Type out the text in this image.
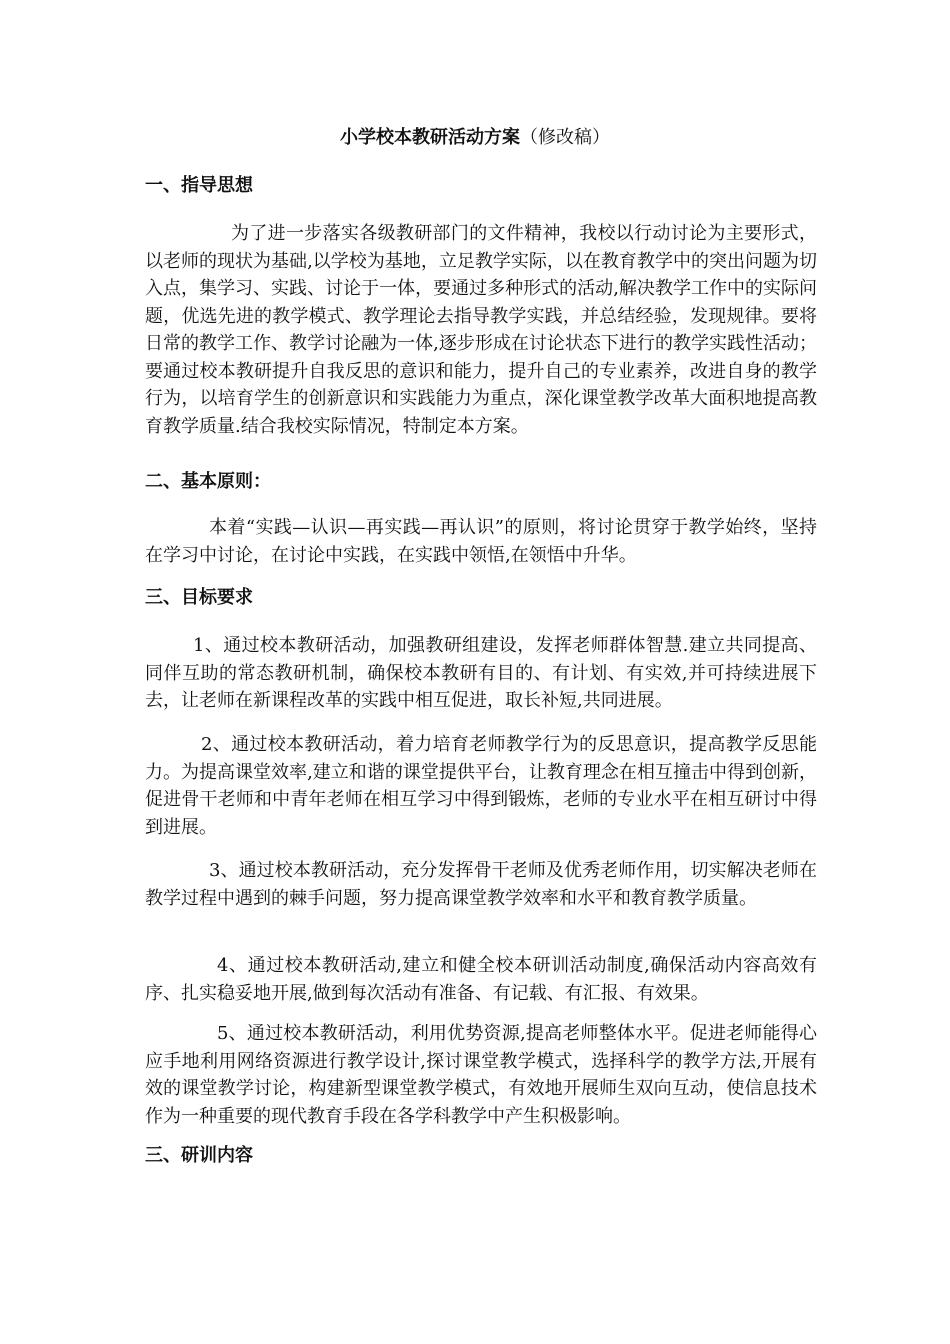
小学校本教研活动方案（修改稿）
一、指导思想
为了进一步落实各级教研部门的文件精神，我校以行动讨论为主要形式，以老师的现状为基础,以学校为基地，立足教学实际，以在教育教学中的突出问题为切入点，集学习、实践、讨论于一体，要通过多种形式的活动,解决教学工作中的实际问题，优选先进的教学模式、教学理论去指导教学实践，并总结经验，发现规律。要将日常的教学工作、教学讨论融为一体,逐步形成在讨论状态下进行的教学实践性活动；要通过校本教研提升自我反思的意识和能力，提升自己的专业素养，改进自身的教学行为，以培育学生的创新意识和实践能力为重点，深化课堂教学改革大面积地提高教育教学质量.结合我校实际情况，特制定本方案。
二、基本原则：
本着“实践—认识—再实践—再认识”的原则，将讨论贯穿于教学始终，坚持在学习中讨论，在讨论中实践，在实践中领悟,在领悟中升华。
三、目标要求
1、通过校本教研活动，加强教研组建设，发挥老师群体智慧.建立共同提高、同伴互助的常态教研机制，确保校本教研有目的、有计划、有实效,并可持续进展下去，让老师在新课程改革的实践中相互促进，取长补短,共同进展。
2、通过校本教研活动，着力培育老师教学行为的反思意识，提高教学反思能力。为提高课堂效率,建立和谐的课堂提供平台，让教育理念在相互撞击中得到创新，促进骨干老师和中青年老师在相互学习中得到锻炼，老师的专业水平在相互研讨中得到进展。
3、通过校本教研活动，充分发挥骨干老师及优秀老师作用，切实解决老师在教学过程中遇到的棘手问题，努力提高课堂教学效率和水平和教育教学质量。
4、通过校本教研活动,建立和健全校本研训活动制度,确保活动内容高效有序、扎实稳妥地开展,做到每次活动有准备、有记载、有汇报、有效果。
5、通过校本教研活动，利用优势资源,提高老师整体水平。促进老师能得心应手地利用网络资源进行教学设计,探讨课堂教学模式，选择科学的教学方法,开展有效的课堂教学讨论，构建新型课堂教学模式，有效地开展师生双向互动，使信息技术作为一种重要的现代教育手段在各学科教学中产生积极影响。
三、研训内容
